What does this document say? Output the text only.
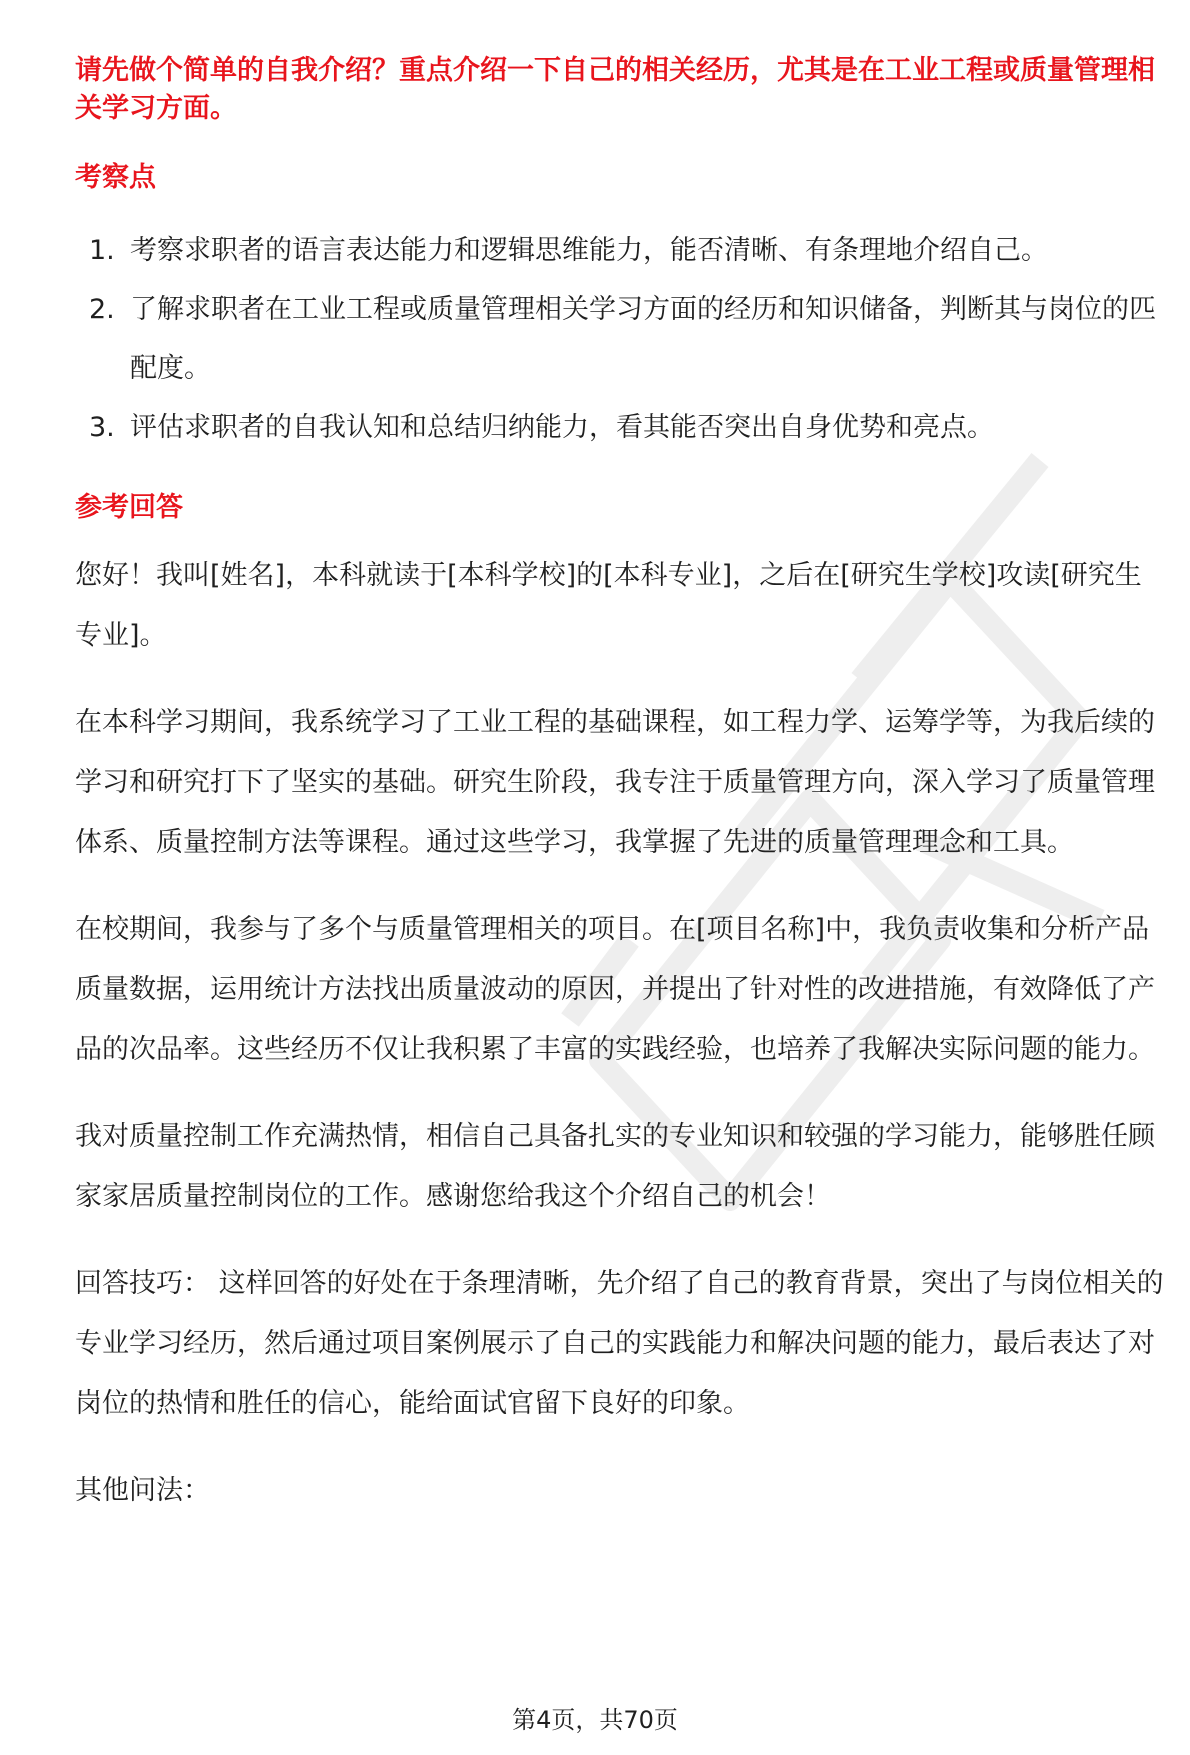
请先做个简单的自我介绍？重点介绍一下自己的相关经历，尤其是在工业工程或质量管理相关学习方面。

考察点
1. 考察求职者的语言表达能力和逻辑思维能力，能否清晰、有条理地介绍自己。
2. 了解求职者在工业工程或质量管理相关学习方面的经历和知识储备，判断其与岗位的匹配度。
3. 评估求职者的自我认知和总结归纳能力，看其能否突出自身优势和亮点。
参考回答

您好！我叫[姓名]，本科就读于[本科学校]的[本科专业]，之后在[研究生学校]攻读[研究生专业]。

在本科学习期间，我系统学习了工业工程的基础课程，如工程力学、运筹学等，为我后续的学习和研究打下了坚实的基础。研究生阶段，我专注于质量管理方向，深入学习了质量管理体系、质量控制方法等课程。通过这些学习，我掌握了先进的质量管理理念和工具。

在校期间，我参与了多个与质量管理相关的项目。在[项目名称]中，我负责收集和分析产品质量数据，运用统计方法找出质量波动的原因，并提出了针对性的改进措施，有效降低了产品的次品率。这些经历不仅让我积累了丰富的实践经验，也培养了我解决实际问题的能力。

我对质量控制工作充满热情，相信自己具备扎实的专业知识和较强的学习能力，能够胜任顾家家居质量控制岗位的工作。感谢您给我这个介绍自己的机会！

回答技巧： 这样回答的好处在于条理清晰，先介绍了自己的教育背景，突出了与岗位相关的专业学习经历，然后通过项目案例展示了自己的实践能力和解决问题的能力，最后表达了对岗位的热情和胜任的信心，能给面试官留下良好的印象。

其他问法：

第4页，共70页
